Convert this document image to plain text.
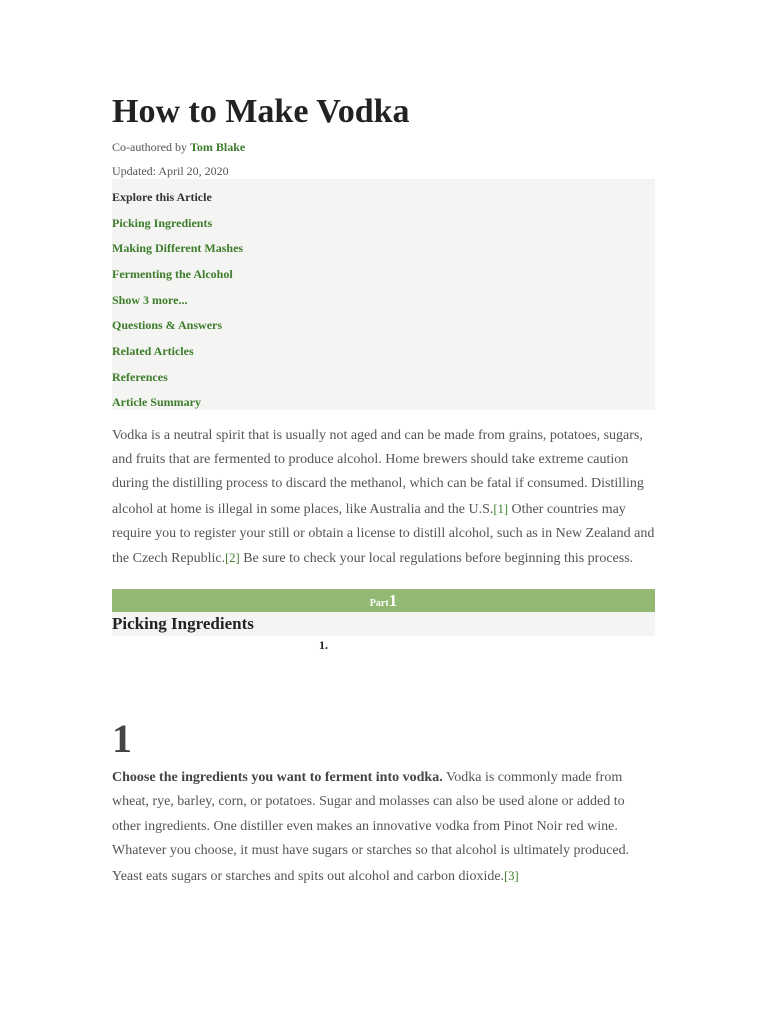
How to Make Vodka
Co-authored by Tom Blake
Updated: April 20, 2020
Explore this Article
Picking Ingredients
Making Different Mashes
Fermenting the Alcohol
Show 3 more...
Questions & Answers
Related Articles
References
Article Summary

Vodka is a neutral spirit that is usually not aged and can be made from grains, potatoes, sugars, and fruits that are fermented to produce alcohol. Home brewers should take extreme caution during the distilling process to discard the methanol, which can be fatal if consumed. Distilling alcohol at home is illegal in some places, like Australia and the U.S.[1] Other countries may require you to register your still or obtain a license to distill alcohol, such as in New Zealand and the Czech Republic.[2] Be sure to check your local regulations before beginning this process.

Part1
Picking Ingredients
1.
1

Choose the ingredients you want to ferment into vodka. Vodka is commonly made from wheat, rye, barley, corn, or potatoes. Sugar and molasses can also be used alone or added to other ingredients. One distiller even makes an innovative vodka from Pinot Noir red wine. Whatever you choose, it must have sugars or starches so that alcohol is ultimately produced. Yeast eats sugars or starches and spits out alcohol and carbon dioxide.[3]
